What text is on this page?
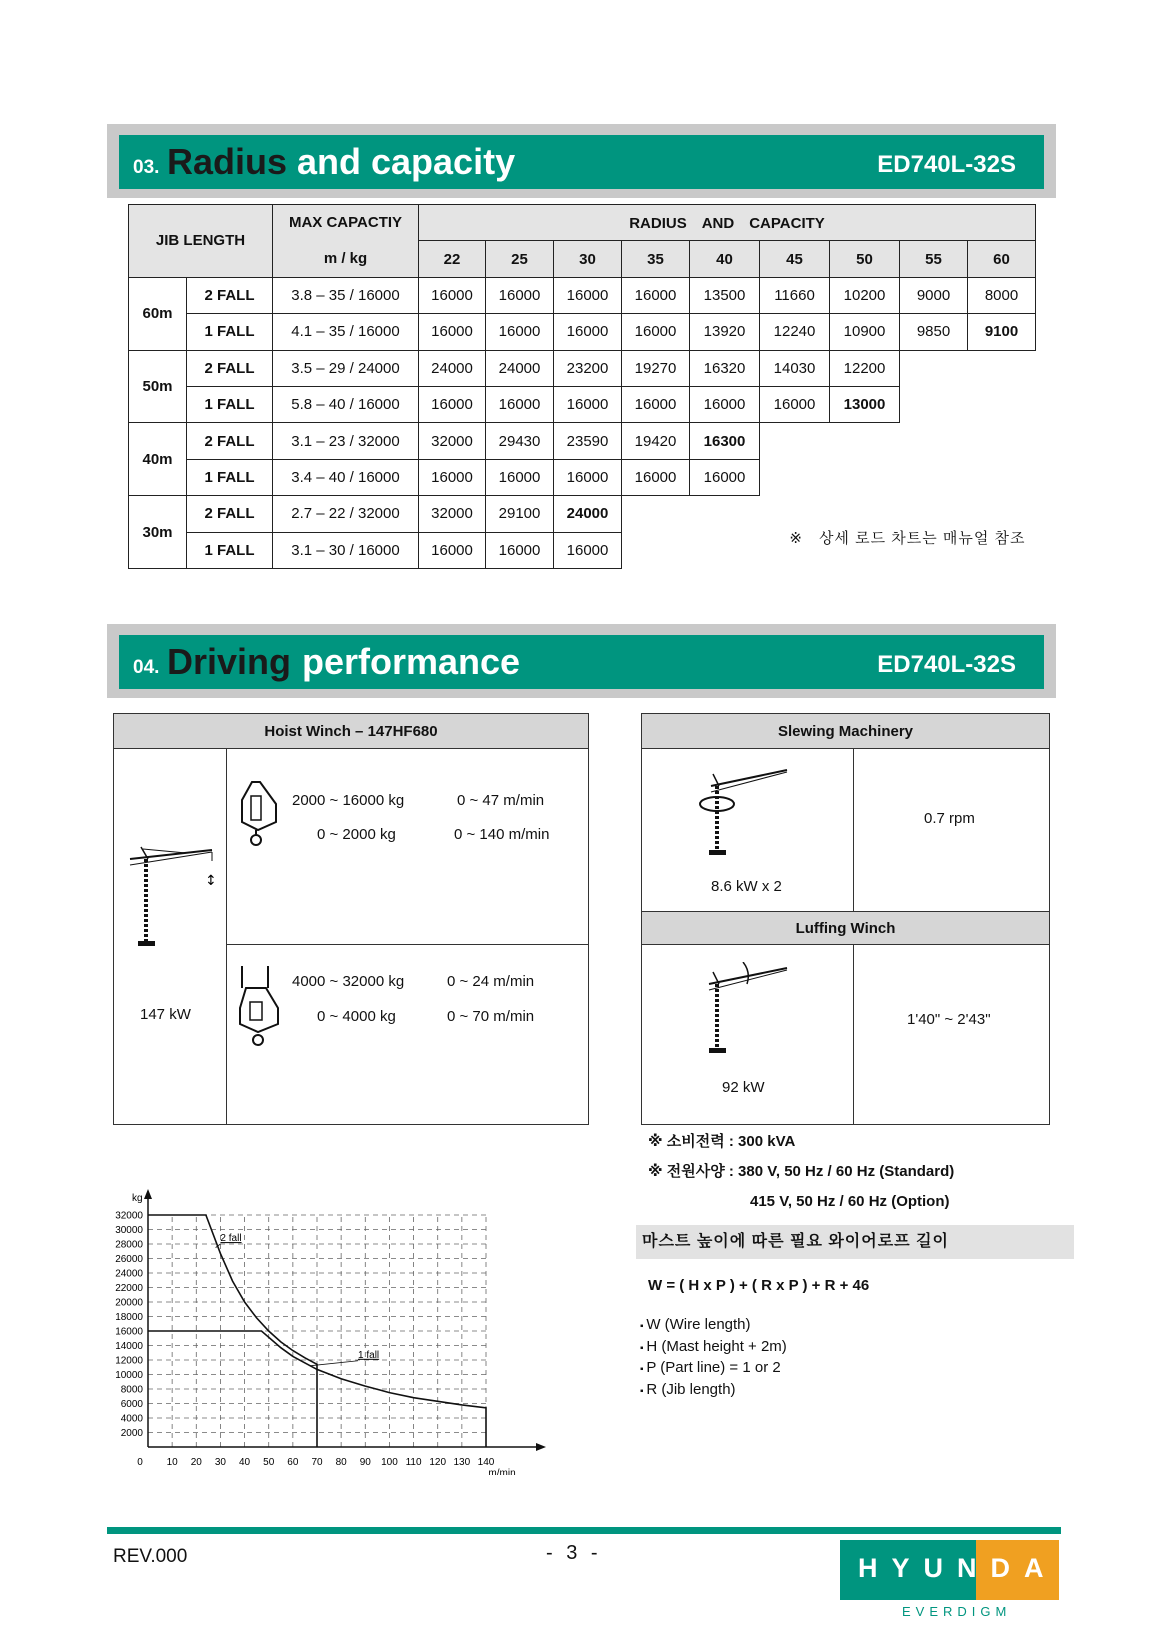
03. Radius and capacity	ED740L-32S
JIB LENGTH		MAX CAPACTIY	RADIUS　AND　CAPACITY								
		m / kg	22	25	30	35	40	45	50	55	60
60m	2 FALL	3.8 – 35 / 16000	16000	16000	16000	16000	13500	11660	10200	9000	8000
	1 FALL	4.1 – 35 / 16000	16000	16000	16000	16000	13920	12240	10900	9850	9100
50m	2 FALL	3.5 – 29 / 24000	24000	24000	23200	19270	16320	14030	12200		
	1 FALL	5.8 – 40 / 16000	16000	16000	16000	16000	16000	16000	13000		
40m	2 FALL	3.1 – 23 / 32000	32000	29430	23590	19420	16300				
	1 FALL	3.4 – 40 / 16000	16000	16000	16000	16000	16000				
30m	2 FALL	2.7 – 22 / 32000	32000	29100	24000	※　상세 로드 차트는 매뉴얼 참조					
	1 FALL	3.1 – 30 / 16000	16000	16000	16000						
04. Driving performance	ED740L-32S
Hoist Winch – 147HF680
↕
147 kW
2000 ~ 16000 kg	0 ~ 47 m/min
0 ~ 2000 kg	0 ~ 140 m/min
4000 ~ 32000 kg	0 ~ 24 m/min
0 ~ 4000 kg	0 ~ 70 m/min
Slewing Machinery
8.6 kW x 2
0.7 rpm
Luffing Winch
92 kW
1'40" ~ 2'43"
※ 소비전력 : 300 kVA
※ 전원사양 : 380 V, 50 Hz / 60 Hz (Standard)
415 V, 50 Hz / 60 Hz (Option)
마스트 높이에 따른 필요 와이어로프 길이
W = ( H x P ) + ( R x P ) + R + 46
▪ W (Wire length)
▪ H (Mast height + 2m)
▪ P (Part line) = 1 or 2
▪ R (Jib length)
2000
4000
6000
8000
10000
12000
14000
16000
18000
20000
22000
24000
26000
28000
30000
32000
0 10 20 30 40 50 60 70 80 90 100 110 120 130 140
kg
m/min
2 fall
1 fall
REV.000	- 3 -	HYUNDAI
EVERDIGM
